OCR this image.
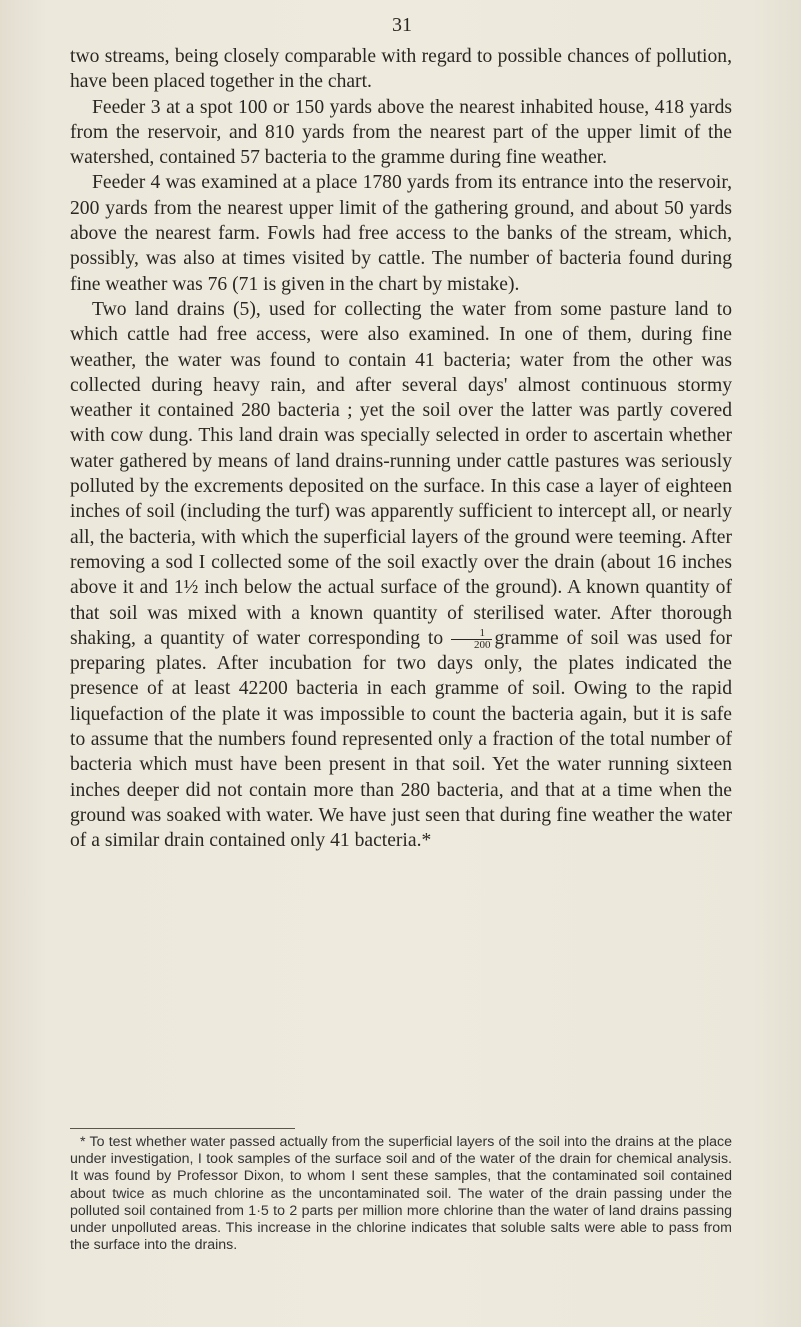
31

two streams, being closely comparable with regard to possible chances of pollution, have been placed together in the chart.

Feeder 3 at a spot 100 or 150 yards above the nearest inhabited house, 418 yards from the reservoir, and 810 yards from the nearest part of the upper limit of the watershed, contained 57 bacteria to the gramme during fine weather.

Feeder 4 was examined at a place 1780 yards from its entrance into the reservoir, 200 yards from the nearest upper limit of the gathering ground, and about 50 yards above the nearest farm. Fowls had free access to the banks of the stream, which, possibly, was also at times visited by cattle. The number of bacteria found during fine weather was 76 (71 is given in the chart by mistake).

Two land drains (5), used for collecting the water from some pasture land to which cattle had free access, were also examined. In one of them, during fine weather, the water was found to contain 41 bacteria; water from the other was collected during heavy rain, and after several days' almost continuous stormy weather it contained 280 bacteria ; yet the soil over the latter was partly covered with cow dung. This land drain was specially selected in order to ascertain whether water gathered by means of land drains-running under cattle pastures was seriously polluted by the excrements deposited on the surface. In this case a layer of eighteen inches of soil (including the turf) was apparently sufficient to intercept all, or nearly all, the bacteria, with which the superficial layers of the ground were teeming. After removing a sod I collected some of the soil exactly over the drain (about 16 inches above it and 1½ inch below the actual surface of the ground). A known quantity of that soil was mixed with a known quantity of sterilised water. After thorough shaking, a quantity of water corresponding to $\frac{1}{200}$ gramme of soil was used for preparing plates. After incubation for two days only, the plates indicated the presence of at least 42200 bacteria in each gramme of soil. Owing to the rapid liquefaction of the plate it was impossible to count the bacteria again, but it is safe to assume that the numbers found represented only a fraction of the total number of bacteria which must have been present in that soil. Yet the water running sixteen inches deeper did not contain more than 280 bacteria, and that at a time when the ground was soaked with water. We have just seen that during fine weather the water of a similar drain contained only 41 bacteria.*

* To test whether water passed actually from the superficial layers of the soil into the drains at the place under investigation, I took samples of the surface soil and of the water of the drain for chemical analysis. It was found by Professor Dixon, to whom I sent these samples, that the contaminated soil contained about twice as much chlorine as the uncontaminated soil. The water of the drain passing under the polluted soil contained from 1·5 to 2 parts per million more chlorine than the water of land drains passing under unpolluted areas. This increase in the chlorine indicates that soluble salts were able to pass from the surface into the drains.
